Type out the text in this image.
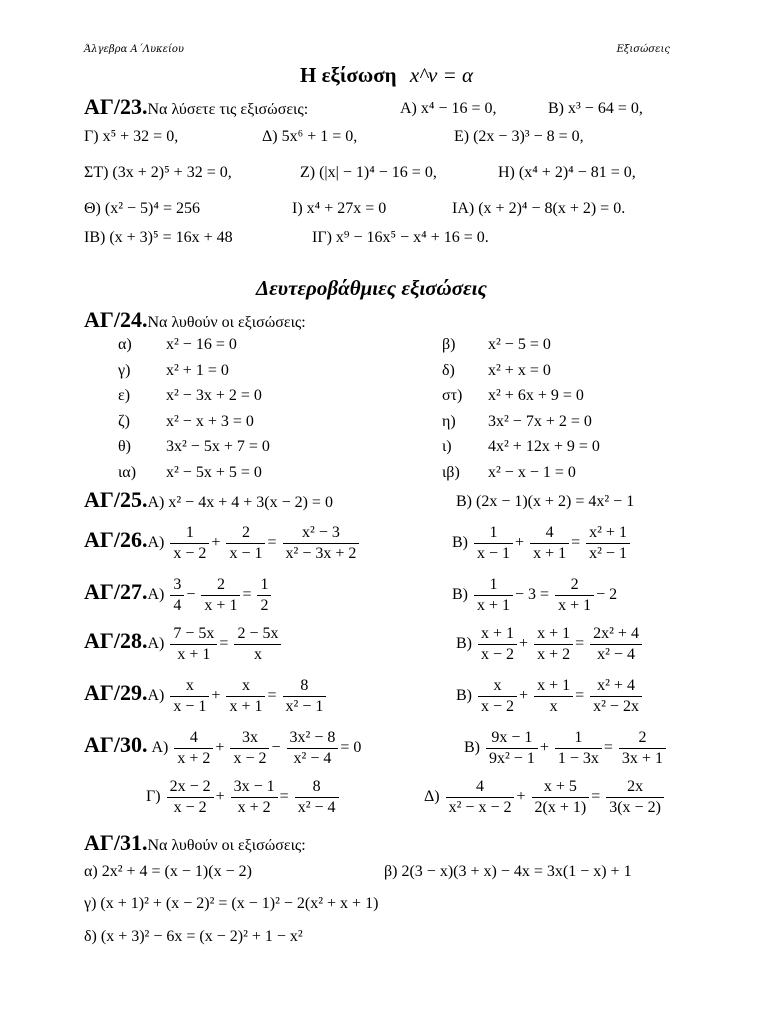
Άλγεβρα Α΄Λυκείου	Εξισώσεις
Η εξίσωση x^ν = α
ΑΓ/23.Να λύσετε τις εξισώσεις:	Α) x⁴ − 16 = 0,	Β) x³ − 64 = 0,
Γ) x⁵ + 32 = 0,	Δ) 5x⁶ + 1 = 0,	Ε) (2x − 3)³ − 8 = 0,
ΣΤ) (3x + 2)⁵ + 32 = 0,	Ζ) (|x| − 1)⁴ − 16 = 0,	Η) (x⁴ + 2)⁴ − 81 = 0,
Θ) (x² − 5)⁴ = 256	Ι) x⁴ + 27x = 0	ΙΑ) (x + 2)⁴ − 8(x + 2) = 0.
ΙΒ) (x + 3)⁵ = 16x + 48	ΙΓ) x⁹ − 16x⁵ − x⁴ + 16 = 0.
Δευτεροβάθμιες εξισώσεις
ΑΓ/24.Να λυθούν οι εξισώσεις:
α) x² − 16 = 0	β) x² − 5 = 0
γ) x² + 1 = 0	δ) x² + x = 0
ε) x² − 3x + 2 = 0	στ) x² + 6x + 9 = 0
ζ) x² − x + 3 = 0	η) 3x² − 7x + 2 = 0
θ) 3x² − 5x + 7 = 0	ι) 4x² + 12x + 9 = 0
ια) x² − 5x + 5 = 0	ιβ) x² − x − 1 = 0
ΑΓ/25.Α) x² − 4x + 4 + 3(x − 2) = 0	Β) (2x − 1)(x + 2) = 4x² − 1
$A\Gamma/26.A) \frac{1}{x - 2} + \frac{2}{x - 1} = \frac{\text{x² − 3}}{\text{x² − 3x + 2}}$	$B) \frac{1}{x - 1} + \frac{4}{x + 1} = \frac{\text{x² + 1}}{\text{x² − 1}}$
$A\Gamma/27.A) \frac{3}{4} - \frac{2}{x + 1} = \frac{1}{2}$	$B) \frac{1}{x + 1} - 3 = \frac{2}{x + 1} - 2$
$A\Gamma/28.A) \frac{7 - 5x}{x + 1} = \frac{2 - 5x}{x}$	$B) \frac{x + 1}{x - 2} + \frac{x + 1}{x + 2} = \frac{\text{2x² + 4}}{\text{x² − 4}}$
$A\Gamma/29.A) \frac{x}{x - 1} + \frac{x}{x + 1} = \frac{8}{\text{x² − 1}}$	$B) \frac{x}{x - 2} + \frac{x + 1}{x} = \frac{\text{x² + 4}}{\text{x² − 2x}}$
ΑΓ/30. $A) \frac{4}{x + 2} + \frac{3x}{x - 2} - \frac{\text{3x² − 8}}{\text{x² − 4}} = 0$	$B) \frac{9x - 1}{\text{9x² − 1}} + \frac{1}{1 - 3x} = \frac{2}{3x + 1}$
$\Gamma) \frac{2x - 2}{x - 2} + \frac{3x - 1}{x + 2} = \frac{8}{\text{x² − 4}}$	$\Delta) \frac{4}{\text{x² − x − 2}} + \frac{x + 5}{2(x + 1)} = \frac{2x}{3(x - 2)}$
ΑΓ/31.Να λυθούν οι εξισώσεις:
α) 2x² + 4 = (x − 1)(x − 2)	β) 2(3 − x)(3 + x) − 4x = 3x(1 − x) + 1
γ) (x + 1)² + (x − 2)² = (x − 1)² − 2(x² + x + 1)
δ) (x + 3)² − 6x = (x − 2)² + 1 − x²
